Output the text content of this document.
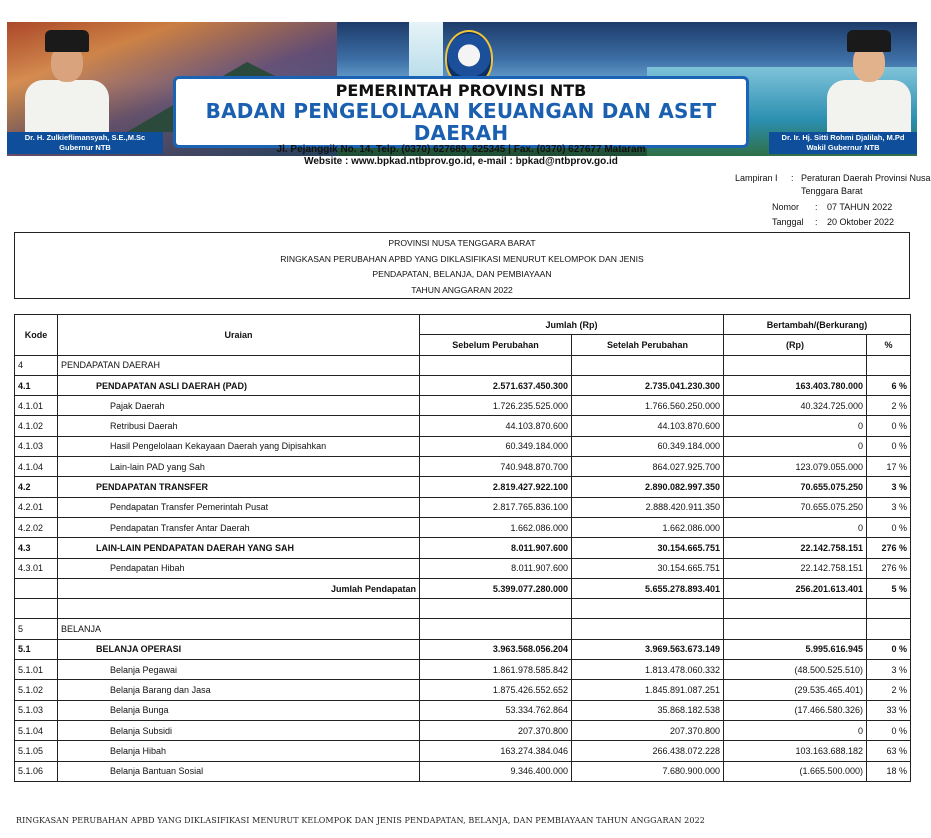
Dr. H. Zulkieflimansyah, S.E.,M.Sc
Gubernur NTB
Dr. Ir. Hj. Sitti Rohmi Djalilah, M.Pd
Wakil Gubernur NTB
PEMERINTAH PROVINSI NTB
BADAN PENGELOLAAN KEUANGAN DAN ASET DAERAH
Jl. Pejanggik No. 14, Telp. (0370) 627689, 625345 | Fax. (0370) 627677 Mataram
Website : www.bpkad.ntbprov.go.id, e-mail : bpkad@ntbprov.go.id
Lampiran I : Peraturan Daerah Provinsi Nusa
Tenggara Barat
Nomor : 07 TAHUN 2022
Tanggal : 20 Oktober 2022
PROVINSI NUSA TENGGARA BARAT
RINGKASAN PERUBAHAN APBD YANG DIKLASIFIKASI MENURUT KELOMPOK DAN JENIS
PENDAPATAN, BELANJA, DAN PEMBIAYAAN
TAHUN ANGGARAN 2022
Kode	Uraian	Jumlah (Rp)		Bertambah/(Berkurang)	
		Sebelum Perubahan	Setelah Perubahan	(Rp)	%
4	PENDAPATAN DAERAH				
4.1	PENDAPATAN ASLI DAERAH (PAD)	2.571.637.450.300	2.735.041.230.300	163.403.780.000	6 %
4.1.01	Pajak Daerah	1.726.235.525.000	1.766.560.250.000	40.324.725.000	2 %
4.1.02	Retribusi Daerah	44.103.870.600	44.103.870.600	0	0 %
4.1.03	Hasil Pengelolaan Kekayaan Daerah yang Dipisahkan	60.349.184.000	60.349.184.000	0	0 %
4.1.04	Lain-lain PAD yang Sah	740.948.870.700	864.027.925.700	123.079.055.000	17 %
4.2	PENDAPATAN TRANSFER	2.819.427.922.100	2.890.082.997.350	70.655.075.250	3 %
4.2.01	Pendapatan Transfer Pemerintah Pusat	2.817.765.836.100	2.888.420.911.350	70.655.075.250	3 %
4.2.02	Pendapatan Transfer Antar Daerah	1.662.086.000	1.662.086.000	0	0 %
4.3	LAIN-LAIN PENDAPATAN DAERAH YANG SAH	8.011.907.600	30.154.665.751	22.142.758.151	276 %
4.3.01	Pendapatan Hibah	8.011.907.600	30.154.665.751	22.142.758.151	276 %
	Jumlah Pendapatan	5.399.077.280.000	5.655.278.893.401	256.201.613.401	5 %

5	BELANJA				
5.1	BELANJA OPERASI	3.963.568.056.204	3.969.563.673.149	5.995.616.945	0 %
5.1.01	Belanja Pegawai	1.861.978.585.842	1.813.478.060.332	(48.500.525.510)	3 %
5.1.02	Belanja Barang dan Jasa	1.875.426.552.652	1.845.891.087.251	(29.535.465.401)	2 %
5.1.03	Belanja Bunga	53.334.762.864	35.868.182.538	(17.466.580.326)	33 %
5.1.04	Belanja Subsidi	207.370.800	207.370.800	0	0 %
5.1.05	Belanja Hibah	163.274.384.046	266.438.072.228	103.163.688.182	63 %
5.1.06	Belanja Bantuan Sosial	9.346.400.000	7.680.900.000	(1.665.500.000)	18 %
RINGKASAN PERUBAHAN APBD YANG DIKLASIFIKASI MENURUT KELOMPOK DAN JENIS PENDAPATAN, BELANJA, DAN PEMBIAYAAN TAHUN ANGGARAN 2022
